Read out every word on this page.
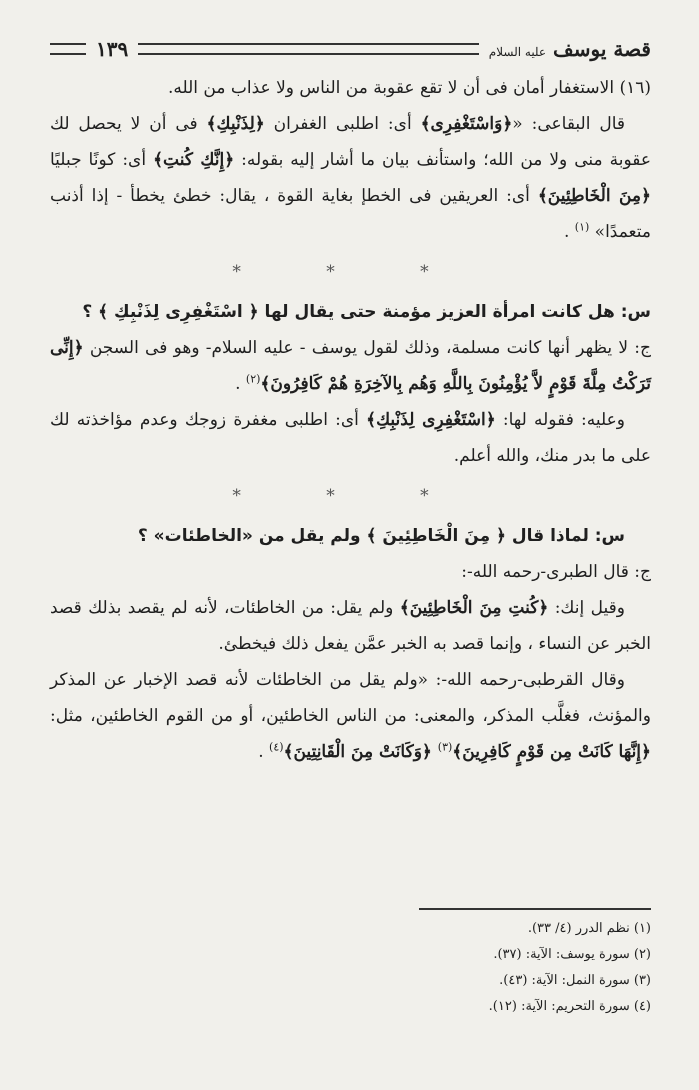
قصة يوسف عليه السلام
١٣٩

(١٦) الاستغفار أمان فى أن لا تقع عقوبة من الناس ولا عذاب من الله.

قال البقاعى: «﴿وَاسْتَغْفِرِى﴾ أى: اطلبى الغفران ﴿لِذَنْبِكِ﴾ فى أن لا يحصل لك عقوبة منى ولا من الله؛ واستأنف بيان ما أشار إليه بقوله: ﴿إِنَّكِ كُنتِ﴾ أى: كونًا جبليًا ﴿مِنَ الْخَاطِئِينَ﴾ أى: العريقين فى الخطإ بغاية القوة ، يقال: خطئ يخطأ - إذا أذنب متعمدًا» $^{(١)}$ .

* * *

س: هل كانت امرأة العزيز مؤمنة حتى يقال لها ﴿ اسْتَغْفِرِى لِذَنْبِكِ ﴾ ؟

ج: لا يظهر أنها كانت مسلمة، وذلك لقول يوسف - عليه السلام- وهو فى السجن ﴿إِنِّى تَرَكْتُ مِلَّةَ قَوْمٍ لاَّ يُؤْمِنُونَ بِاللَّهِ وَهُم بِالآخِرَةِ هُمْ كَافِرُونَ﴾$^{(٢)}$ .

وعليه: فقوله لها: ﴿اسْتَغْفِرِى لِذَنْبِكِ﴾ أى: اطلبى مغفرة زوجك وعدم مؤاخذته لك على ما بدر منك، والله أعلم.

* * *

س: لماذا قال ﴿ مِنَ الْخَاطِئِينَ ﴾ ولم يقل من «الخاطئات» ؟

ج: قال الطبرى-رحمه الله-:

وقيل إنك: ﴿كُنتِ مِنَ الْخَاطِئِينَ﴾ ولم يقل: من الخاطئات، لأنه لم يقصد بذلك قصد الخبر عن النساء ، وإنما قصد به الخبر عمَّن يفعل ذلك فيخطئ.

وقال القرطبى-رحمه الله-: «ولم يقل من الخاطئات لأنه قصد الإخبار عن المذكر والمؤنث، فغلَّب المذكر، والمعنى: من الناس الخاطئين، أو من القوم الخاطئين، مثل: ﴿إِنَّهَا كَانَتْ مِن قَوْمٍ كَافِرِينَ﴾$^{(٣)}$ ﴿وَكَانَتْ مِنَ الْقَانِتِينَ﴾$^{(٤)}$ .

(١) نظم الدرر (٤/ ٣٣).

(٢) سورة يوسف: الآية: (٣٧).

(٣) سورة النمل: الآية: (٤٣).

(٤) سورة التحريم: الآية: (١٢).
